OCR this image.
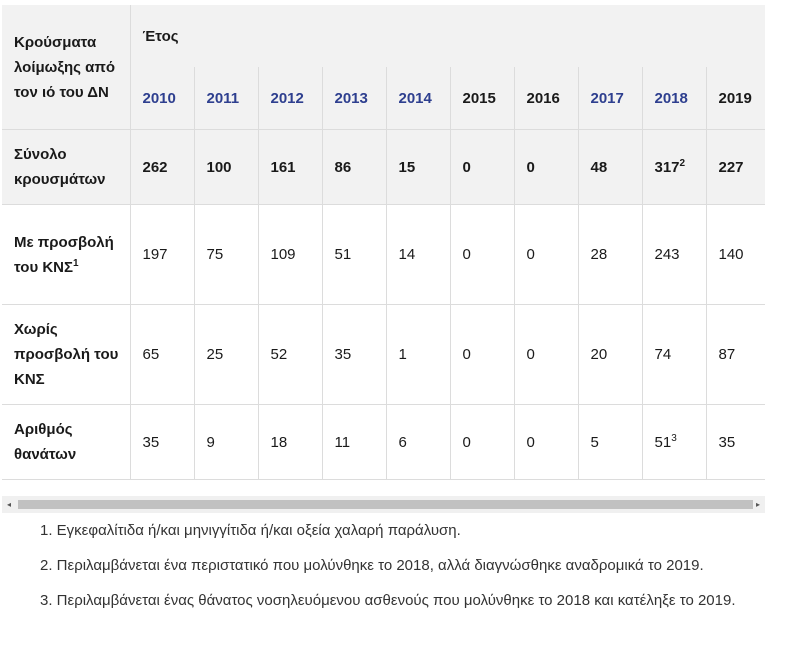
Κρούσματα λοίμωξης από τον ιό του ΔΝ	Έτος									
	2010	2011	2012	2013	2014	2015	2016	2017	2018	2019
Σύνολο κρουσμάτων	262	100	161	86	15	0	0	48	$317^2$	227
Με προσβολή του ΚΝΣ$^1$	197	75	109	51	14	0	0	28	243	140
Χωρίς προσβολή του ΚΝΣ	65	25	52	35	1	0	0	20	74	87
Αριθμός θανάτων	35	9	18	11	6	0	0	5	$51^3$	35
◂	▸

1. Εγκεφαλίτιδα ή/και μηνιγγίτιδα ή/και οξεία χαλαρή παράλυση.

2. Περιλαμβάνεται ένα περιστατικό που μολύνθηκε το 2018, αλλά διαγνώσθηκε αναδρομικά το 2019.

3. Περιλαμβάνεται ένας θάνατος νοσηλευόμενου ασθενούς που μολύνθηκε το 2018 και κατέληξε το 2019.
